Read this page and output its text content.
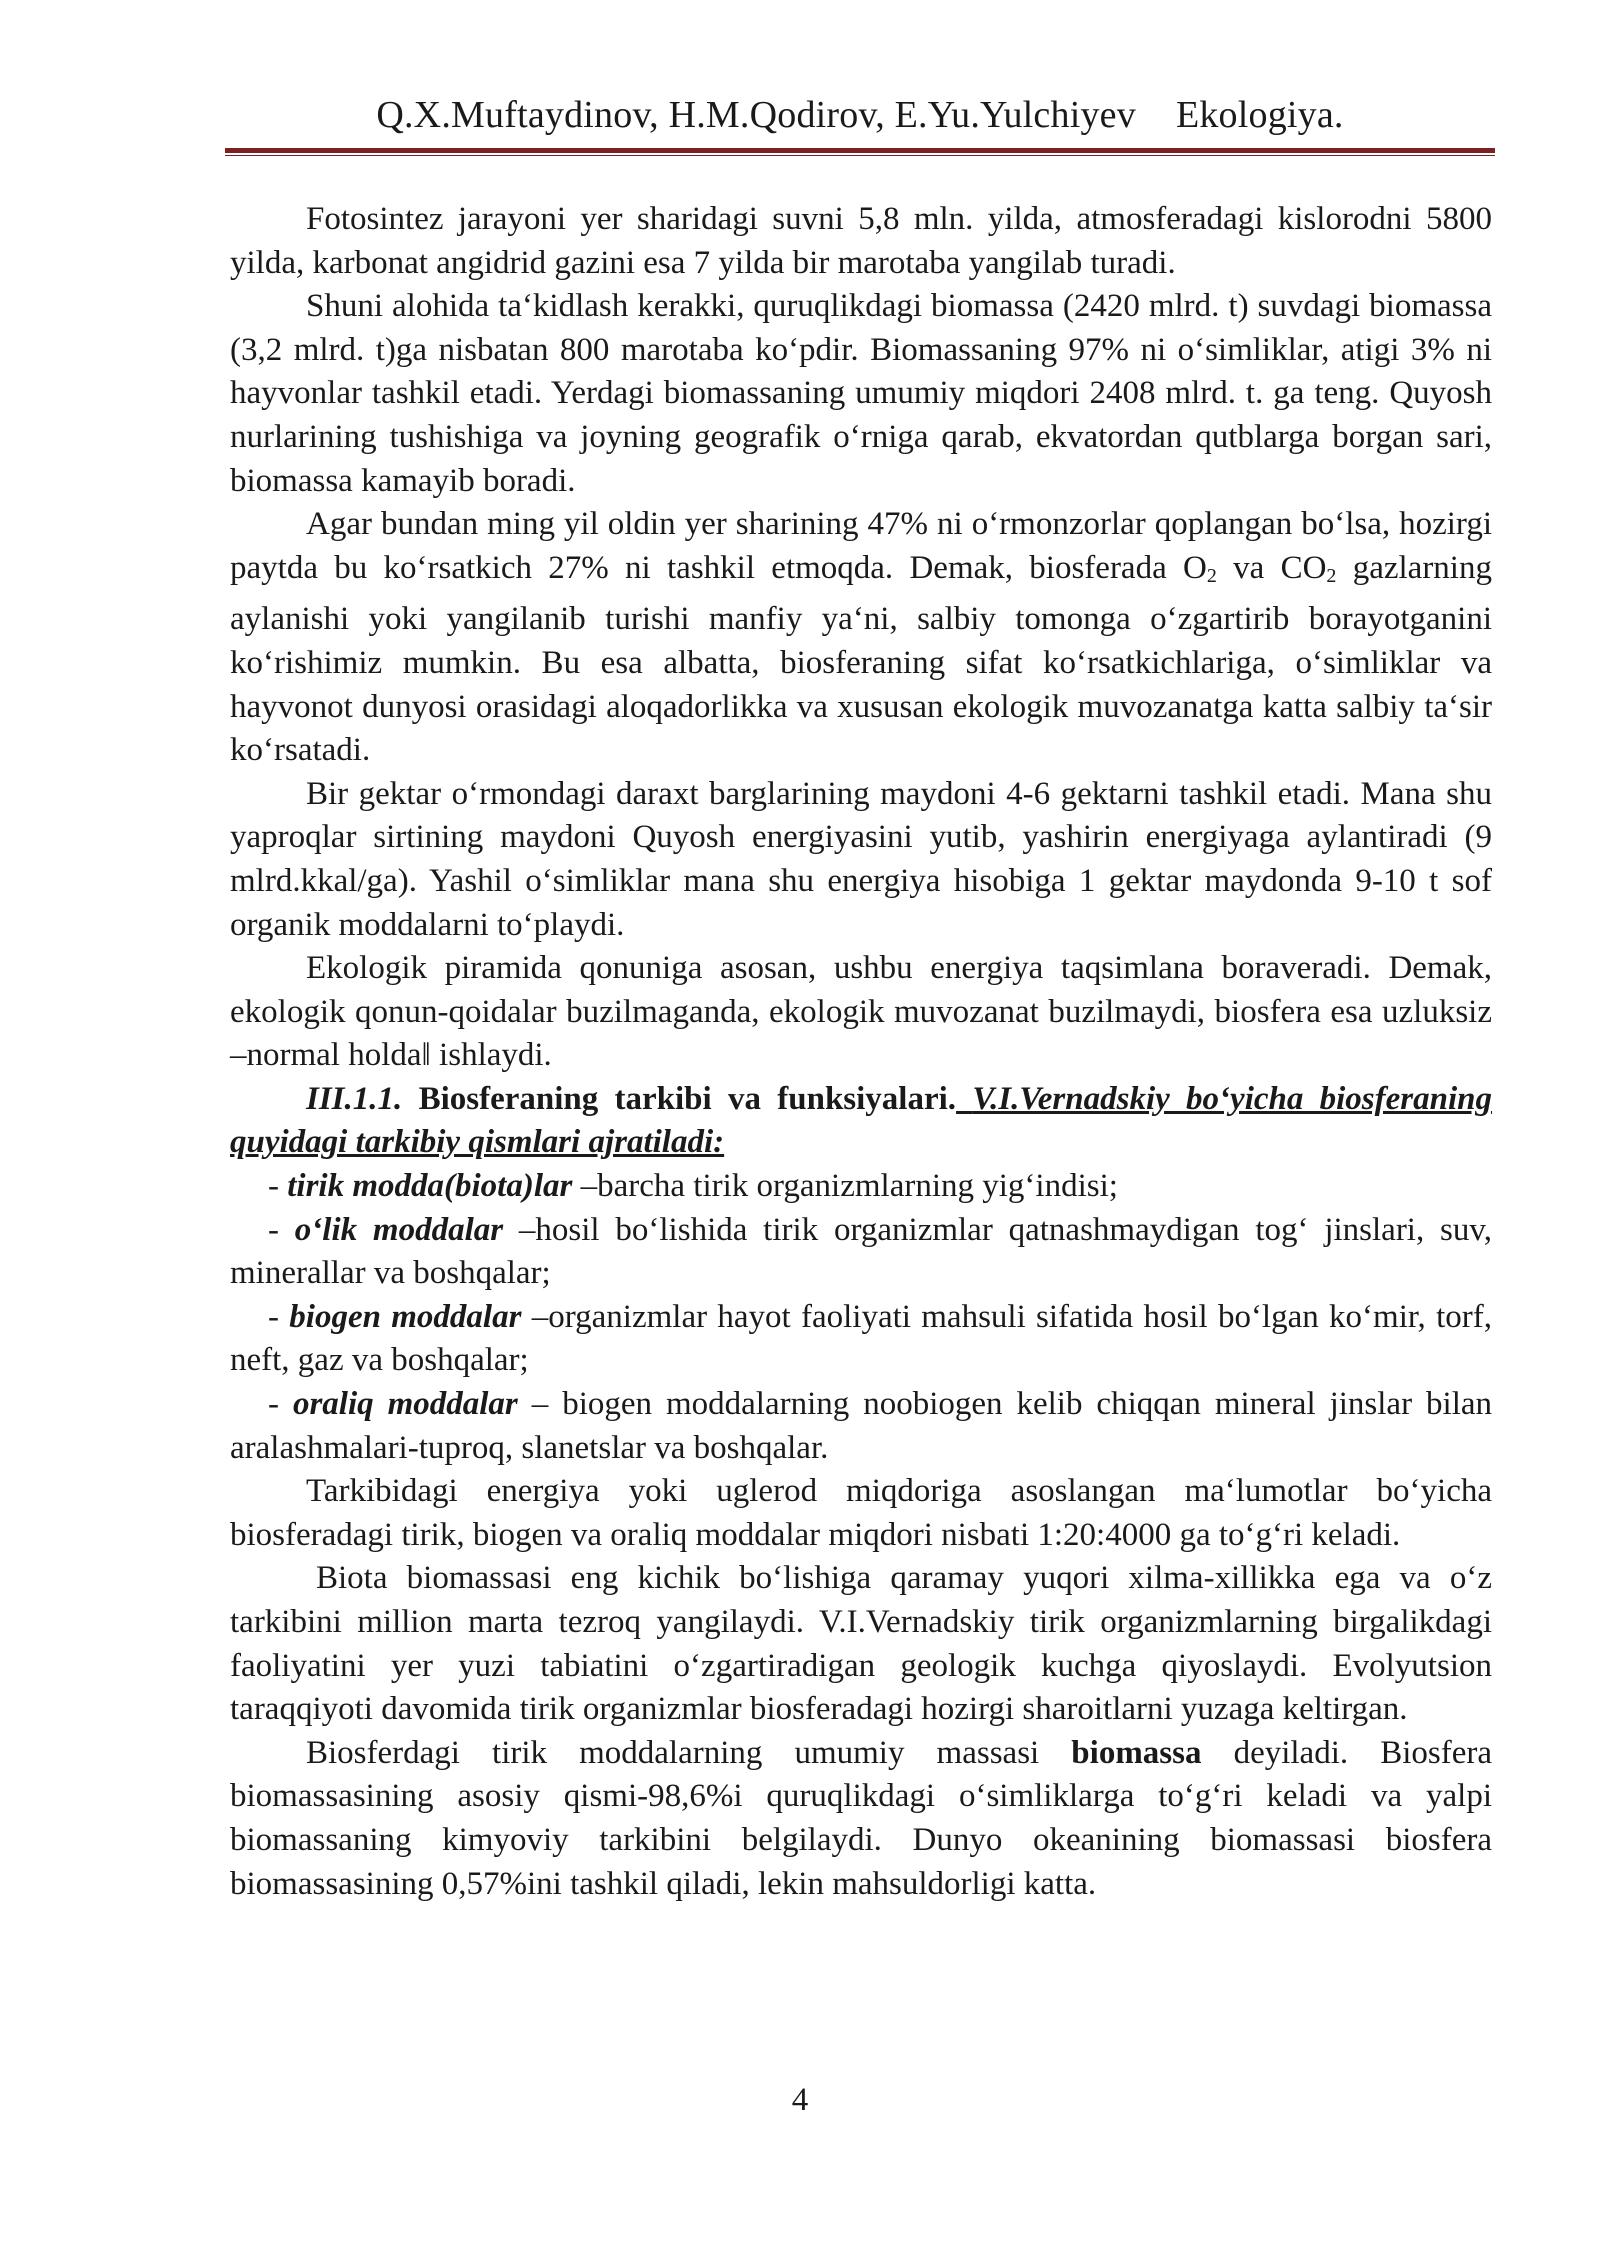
Q.X.Muftaydinov, H.M.Qodirov, E.Yu.Yulchiyev Ekologiya.

Fotosintez jarayoni yer sharidagi suvni 5,8 mln. yilda, atmosferadagi kislorodni 5800 yilda, karbonat angidrid gazini esa 7 yilda bir marotaba yangilab turadi.

Shuni alohida ta‘kidlash kerakki, quruqlikdagi biomassa (2420 mlrd. t) suvdagi biomassa (3,2 mlrd. t)ga nisbatan 800 marotaba ko‘pdir. Biomassaning 97% ni o‘simliklar, atigi 3% ni hayvonlar tashkil etadi. Yerdagi biomassaning umumiy miqdori 2408 mlrd. t. ga teng. Quyosh nurlarining tushishiga va joyning geografik o‘rniga qarab, ekvatordan qutblarga borgan sari, biomassa kamayib boradi.

Agar bundan ming yil oldin yer sharining 47% ni o‘rmonzorlar qoplangan bo‘lsa, hozirgi paytda bu ko‘rsatkich 27% ni tashkil etmoqda. Demak, biosferada $O_2$ va $CO_2$ gazlarning aylanishi yoki yangilanib turishi manfiy ya‘ni, salbiy tomonga o‘zgartirib borayotganini ko‘rishimiz mumkin. Bu esa albatta, biosferaning sifat ko‘rsatkichlariga, o‘simliklar va hayvonot dunyosi orasidagi aloqadorlikka va xususan ekologik muvozanatga katta salbiy ta‘sir ko‘rsatadi.

Bir gektar o‘rmondagi daraxt barglarining maydoni 4-6 gektarni tashkil etadi. Mana shu yaproqlar sirtining maydoni Quyosh energiyasini yutib, yashirin energiyaga aylantiradi (9 mlrd.kkal/ga). Yashil o‘simliklar mana shu energiya hisobiga 1 gektar maydonda 9-10 t sof organik moddalarni to‘playdi.

Ekologik piramida qonuniga asosan, ushbu energiya taqsimlana boraveradi. Demak, ekologik qonun-qoidalar buzilmaganda, ekologik muvozanat buzilmaydi, biosfera esa uzluksiz –normal holda‖ ishlaydi.

III.1.1. Biosferaning tarkibi va funksiyalari. V.I.Vernadskiy bo‘yicha biosferaning quyidagi tarkibiy qismlari ajratiladi:

- tirik modda(biota)lar –barcha tirik organizmlarning yig‘indisi;

- o‘lik moddalar –hosil bo‘lishida tirik organizmlar qatnashmaydigan tog‘ jinslari, suv, minerallar va boshqalar;

- biogen moddalar –organizmlar hayot faoliyati mahsuli sifatida hosil bo‘lgan ko‘mir, torf, neft, gaz va boshqalar;

- oraliq moddalar – biogen moddalarning noobiogen kelib chiqqan mineral jinslar bilan aralashmalari-tuproq, slanetslar va boshqalar.

Tarkibidagi energiya yoki uglerod miqdoriga asoslangan ma‘lumotlar bo‘yicha biosferadagi tirik, biogen va oraliq moddalar miqdori nisbati 1:20:4000 ga to‘g‘ri keladi.

Biota biomassasi eng kichik bo‘lishiga qaramay yuqori xilma-xillikka ega va o‘z tarkibini million marta tezroq yangilaydi. V.I.Vernadskiy tirik organizmlarning birgalikdagi faoliyatini yer yuzi tabiatini o‘zgartiradigan geologik kuchga qiyoslaydi. Evolyutsion taraqqiyoti davomida tirik organizmlar biosferadagi hozirgi sharoitlarni yuzaga keltirgan.

Biosferdagi tirik moddalarning umumiy massasi biomassa deyiladi. Biosfera biomassasining asosiy qismi-98,6%i quruqlikdagi o‘simliklarga to‘g‘ri keladi va yalpi biomassaning kimyoviy tarkibini belgilaydi. Dunyo okeanining biomassasi biosfera biomassasining 0,57%ini tashkil qiladi, lekin mahsuldorligi katta.

4
